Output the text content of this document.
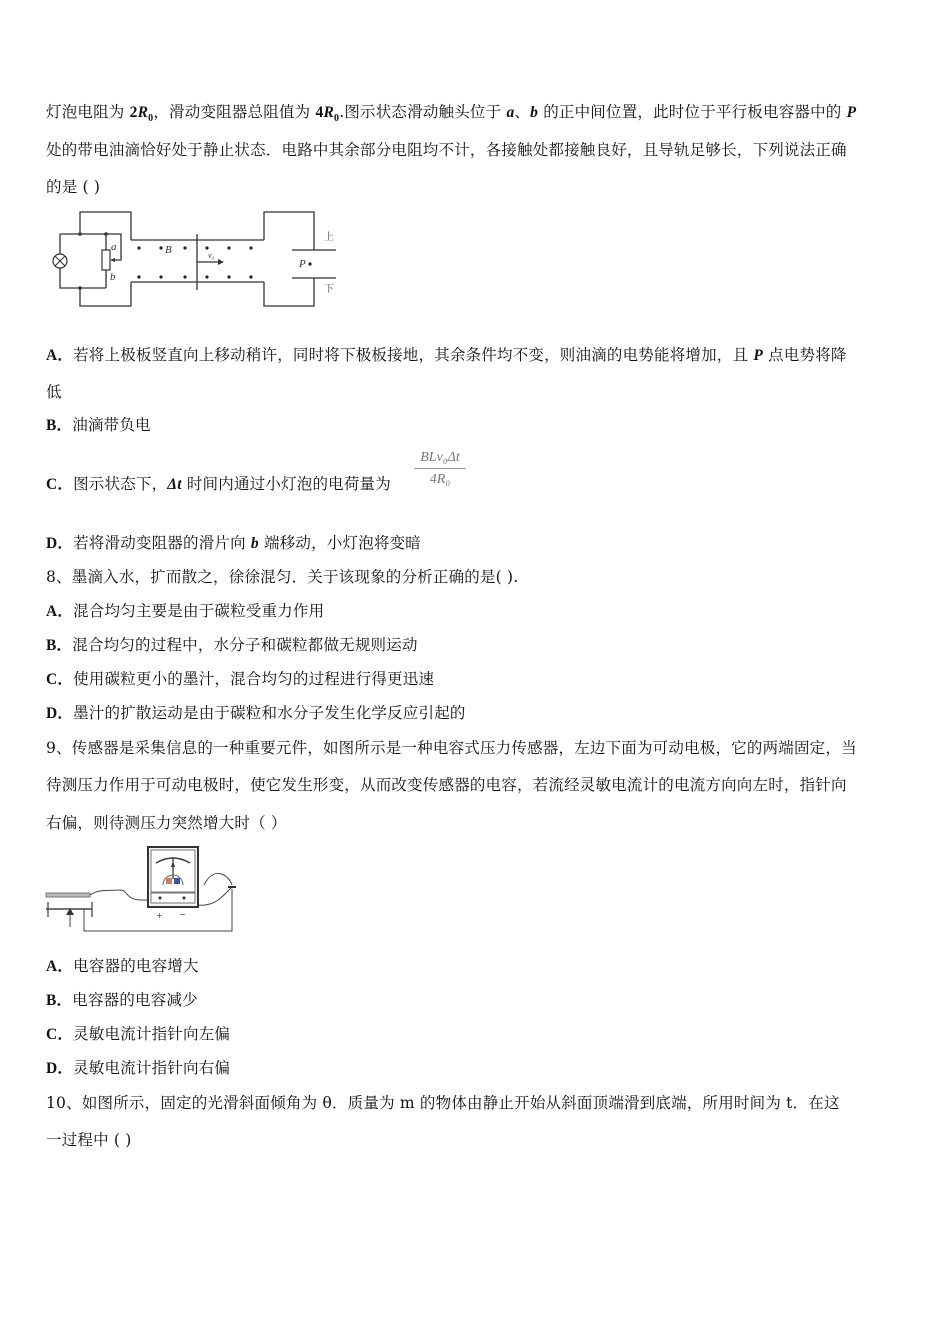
灯泡电阻为 $2R_0$，滑动变阻器总阻值为 $4R_0$.图示状态滑动触头位于 a、b 的正中间位置，此时位于平行板电容器中的 P
处的带电油滴恰好处于静止状态．电路中其余部分电阻均不计，各接触处都接触良好，且导轨足够长，下列说法正确
的是 ( )
a
b
B	v₀
P
上
下
A．若将上极板竖直向上移动稍许，同时将下极板接地，其余条件均不变，则油滴的电势能将增加，且 P 点电势将降
低
B．油滴带负电
C．图示状态下，Δt 时间内通过小灯泡的电荷量为
BLv₀Δt
4R₀
D．若将滑动变阻器的滑片向 b 端移动，小灯泡将变暗
8、墨滴入水，扩而散之，徐徐混匀．关于该现象的分析正确的是( ).
A．混合均匀主要是由于碳粒受重力作用
B．混合均匀的过程中，水分子和碳粒都做无规则运动
C．使用碳粒更小的墨汁，混合均匀的过程进行得更迅速
D．墨汁的扩散运动是由于碳粒和水分子发生化学反应引起的
9、传感器是采集信息的一种重要元件，如图所示是一种电容式压力传感器，左边下面为可动电极，它的两端固定，当
待测压力作用于可动电极时，使它发生形变，从而改变传感器的电容，若流经灵敏电流计的电流方向向左时，指针向
右偏，则待测压力突然增大时（ ）
+ −
A．电容器的电容增大
B．电容器的电容减少
C．灵敏电流计指针向左偏
D．灵敏电流计指针向右偏
10、如图所示，固定的光滑斜面倾角为 θ．质量为 m 的物体由静止开始从斜面顶端滑到底端，所用时间为 t．在这
一过程中 ( )
